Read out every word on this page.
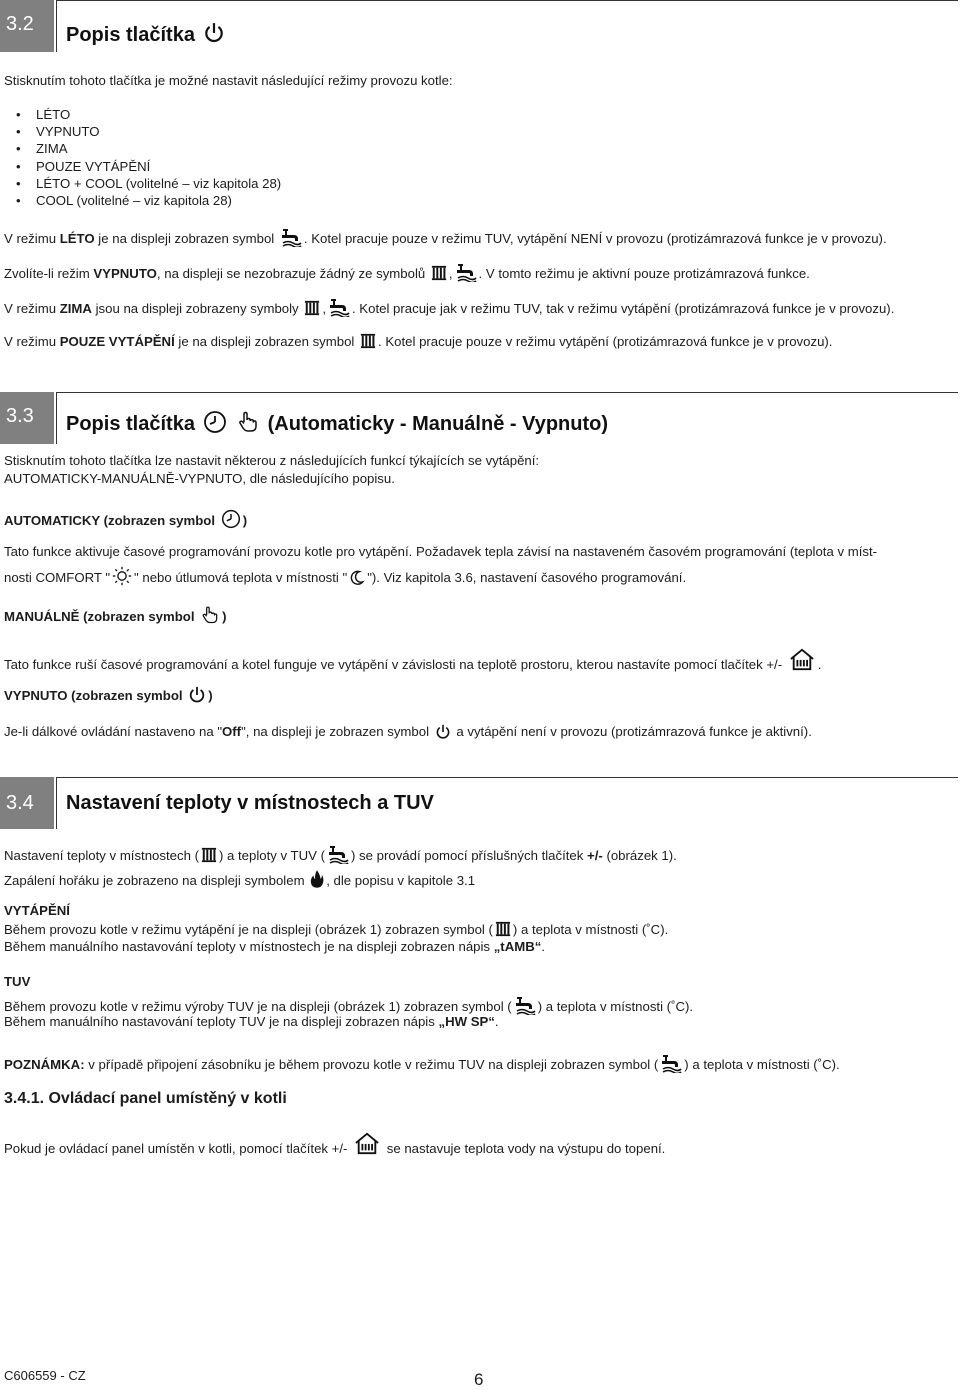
3.2	Popis tlačítka
Stisknutím tohoto tlačítka je možné nastavit následující režimy provozu kotle:
• LÉTO
• VYPNUTO
• ZIMA
• POUZE VYTÁPĚNÍ
• LÉTO + COOL (volitelné – viz kapitola 28)
• COOL (volitelné – viz kapitola 28)
V režimu LÉTO je na displeji zobrazen symbol . Kotel pracuje pouze v režimu TUV, vytápění NENÍ v provozu (protizámrazová funkce je v provozu).
Zvolíte-li režim VYPNUTO, na displeji se nezobrazuje žádný ze symbolů , . V tomto režimu je aktivní pouze protizámrazová funkce.
V režimu ZIMA jsou na displeji zobrazeny symboly , . Kotel pracuje jak v režimu TUV, tak v režimu vytápění (protizámrazová funkce je v provozu).
V režimu POUZE VYTÁPĚNÍ je na displeji zobrazen symbol . Kotel pracuje pouze v režimu vytápění (protizámrazová funkce je v provozu).
3.3	Popis tlačítka	(Automaticky - Manuálně - Vypnuto)
Stisknutím tohoto tlačítka lze nastavit některou z následujících funkcí týkajících se vytápění:
AUTOMATICKY-MANUÁLNĚ-VYPNUTO, dle následujícího popisu.
AUTOMATICKY (zobrazen symbol )
Tato funkce aktivuje časové programování provozu kotle pro vytápění. Požadavek tepla závisí na nastaveném časovém programování (teplota v míst-
nosti COMFORT " " nebo útlumová teplota v místnosti " "). Viz kapitola 3.6, nastavení časového programování.
MANUÁLNĚ (zobrazen symbol )
Tato funkce ruší časové programování a kotel funguje ve vytápění v závislosti na teplotě prostoru, kterou nastavíte pomocí tlačítek +/- .
VYPNUTO (zobrazen symbol )
Je-li dálkové ovládání nastaveno na "Off", na displeji je zobrazen symbol  a vytápění není v provozu (protizámrazová funkce je aktivní).
3.4	Nastavení teploty v místnostech a TUV
Nastavení teploty v místnostech ( ) a teploty v TUV ( ) se provádí pomocí příslušných tlačítek +/- (obrázek 1).
Zapálení hořáku je zobrazeno na displeji symbolem , dle popisu v kapitole 3.1
VYTÁPĚNÍ
Během provozu kotle v režimu vytápění je na displeji (obrázek 1) zobrazen symbol ( ) a teplota v místnosti (˚C).
Během manuálního nastavování teploty v místnostech je na displeji zobrazen nápis „tAMB“.
TUV
Během provozu kotle v režimu výroby TUV je na displeji (obrázek 1) zobrazen symbol ( ) a teplota v místnosti (˚C).
Během manuálního nastavování teploty TUV je na displeji zobrazen nápis „HW SP“.
POZNÁMKA: v případě připojení zásobníku je během provozu kotle v režimu TUV na displeji zobrazen symbol ( ) a teplota v místnosti (˚C).
3.4.1. Ovládací panel umístěný v kotli
Pokud je ovládací panel umístěn v kotli, pomocí tlačítek +/-  se nastavuje teplota vody na výstupu do topení.
C606559 - CZ	6
